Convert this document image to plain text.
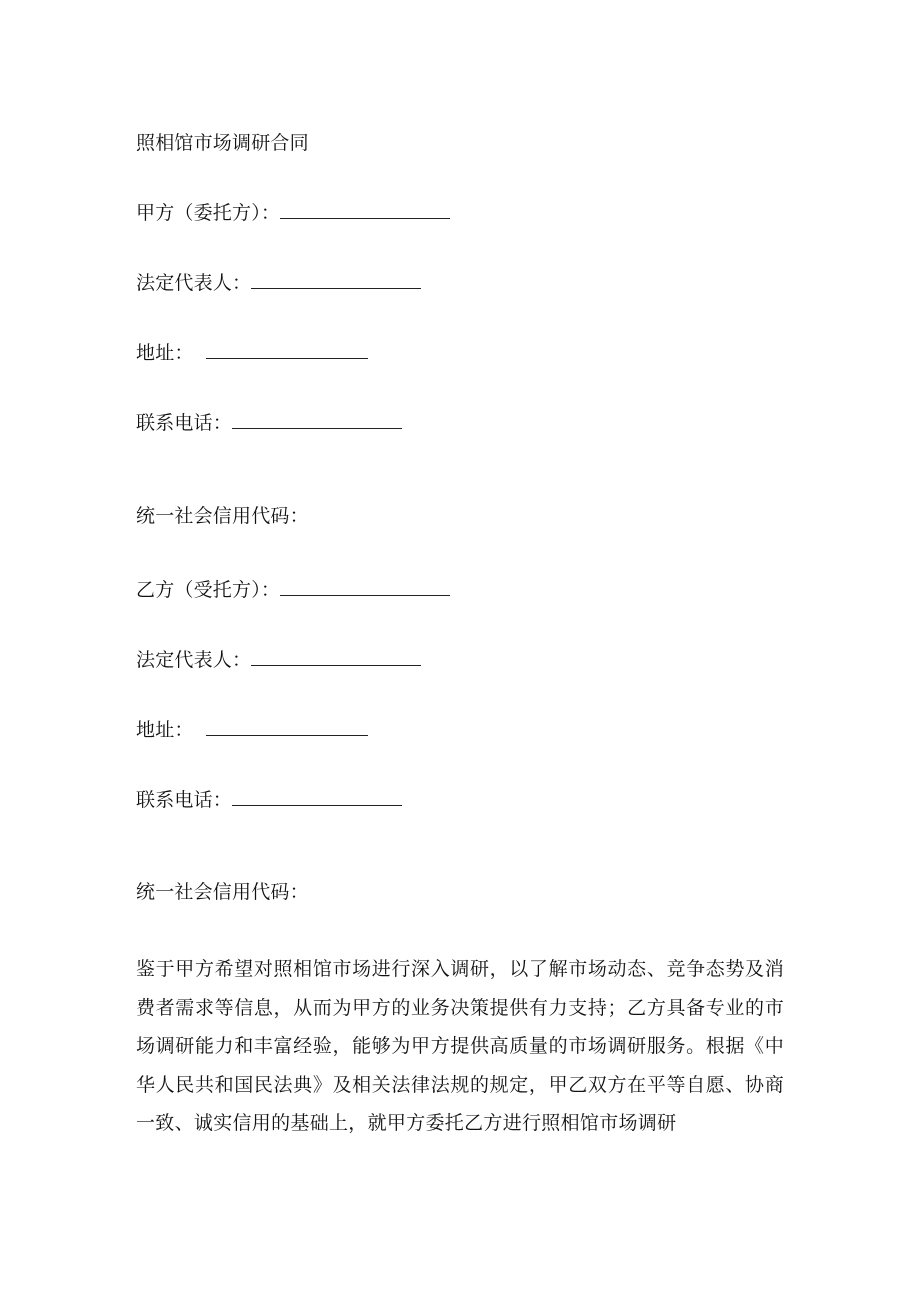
照相馆市场调研合同
甲方（委托方）：
法定代表人：
地址：
联系电话：
统一社会信用代码：
乙方（受托方）：
法定代表人：
地址：
联系电话：
统一社会信用代码：
鉴于甲方希望对照相馆市场进行深入调研，以了解市场动态、竞争态势及消费者需求等信息，从而为甲方的业务决策提供有力支持；乙方具备专业的市场调研能力和丰富经验，能够为甲方提供高质量的市场调研服务。根据《中华人民共和国民法典》及相关法律法规的规定，甲乙双方在平等自愿、协商一致、诚实信用的基础上，就甲方委托乙方进行照相馆市场调研
